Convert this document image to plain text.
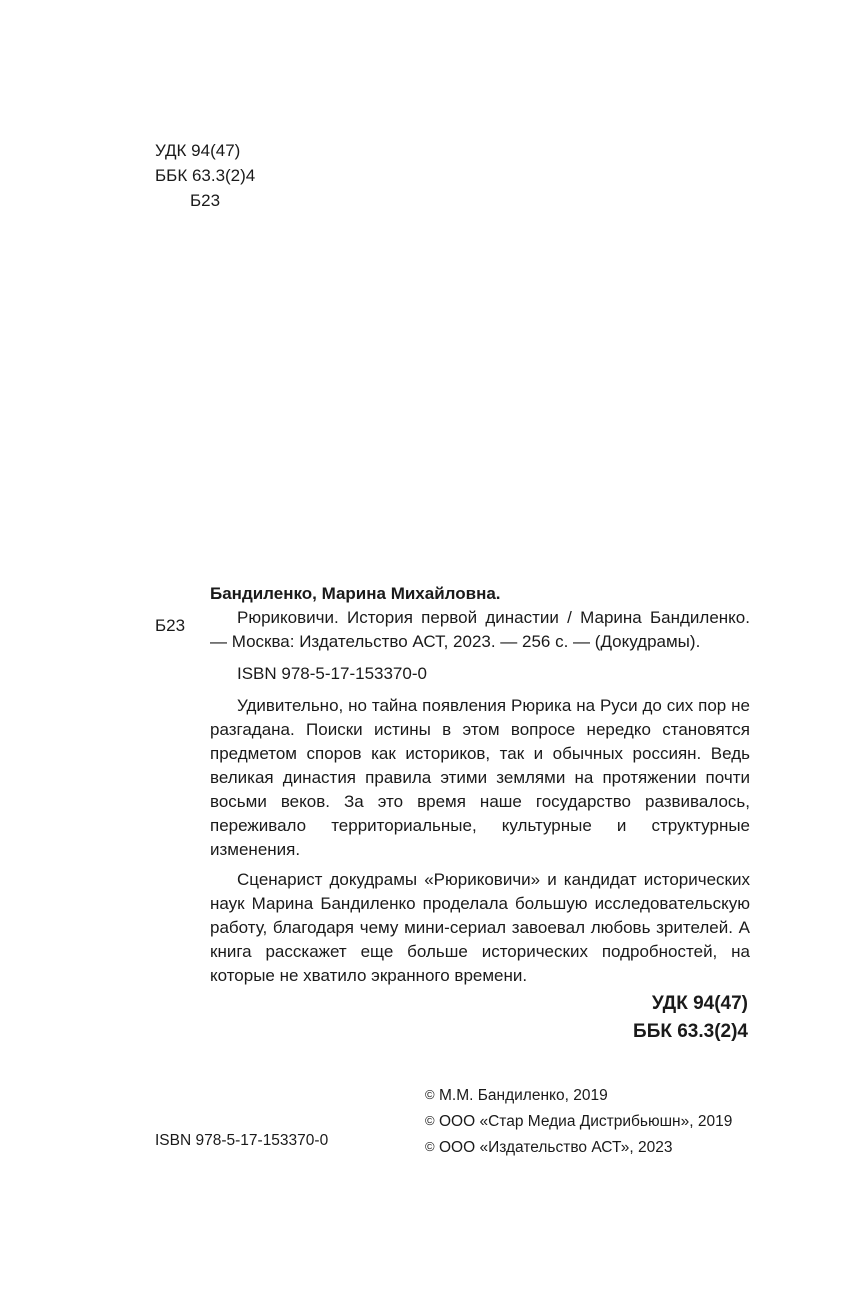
УДК 94(47)
ББК 63.3(2)4
Б23
Б23
Бандиленко, Марина Михайловна.
Рюриковичи. История первой династии / Марина Бандиленко. — Москва: Издательство АСТ, 2023. — 256 с. — (Докудрамы).
ISBN 978-5-17-153370-0
Удивительно, но тайна появления Рюрика на Руси до сих пор не разгадана. Поиски истины в этом вопросе нередко становятся предметом споров как историков, так и обычных россиян. Ведь великая династия правила этими землями на протяжении почти восьми веков. За это время наше государство развивалось, переживало территориальные, культурные и структурные изменения.
Сценарист докудрамы «Рюриковичи» и кандидат исторических наук Марина Бандиленко проделала большую исследовательскую работу, благодаря чему мини-сериал завоевал любовь зрителей. А книга расскажет еще больше исторических подробностей, на которые не хватило экранного времени.
УДК 94(47)
ББК 63.3(2)4
ISBN 978-5-17-153370-0
© М.М. Бандиленко, 2019
© ООО «Стар Медиа Дистрибьюшн», 2019
© ООО «Издательство АСТ», 2023
